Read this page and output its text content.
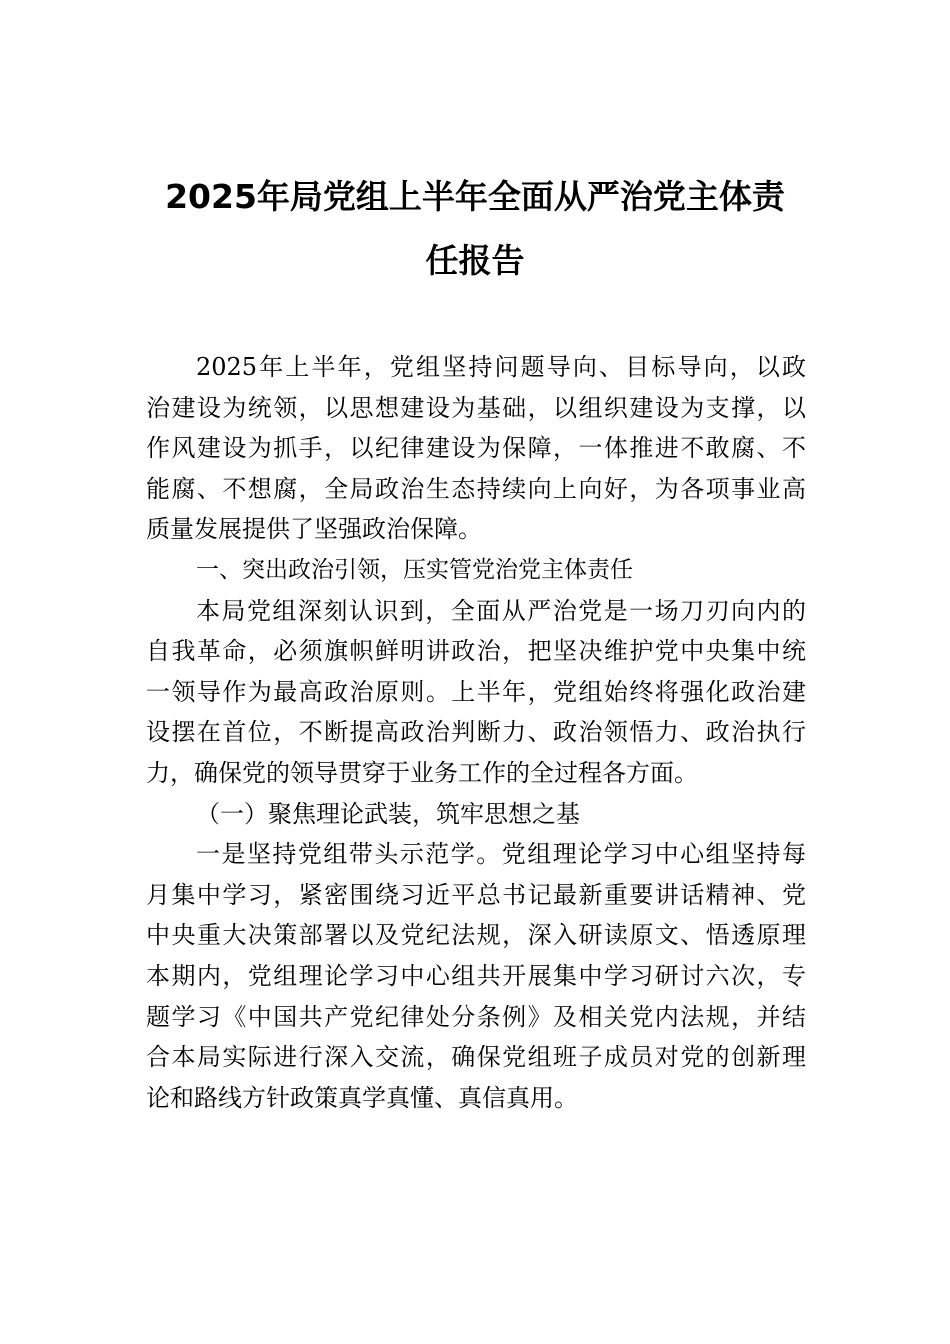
2025年局党组上半年全面从严治党主体责
任报告

2025年上半年，党组坚持问题导向、目标导向，以政
治建设为统领，以思想建设为基础，以组织建设为支撑，以
作风建设为抓手，以纪律建设为保障，一体推进不敢腐、不
能腐、不想腐，全局政治生态持续向上向好，为各项事业高
质量发展提供了坚强政治保障。

一、突出政治引领，压实管党治党主体责任

本局党组深刻认识到，全面从严治党是一场刀刃向内的
自我革命，必须旗帜鲜明讲政治，把坚决维护党中央集中统
一领导作为最高政治原则。上半年，党组始终将强化政治建
设摆在首位，不断提高政治判断力、政治领悟力、政治执行
力，确保党的领导贯穿于业务工作的全过程各方面。

（一）聚焦理论武装，筑牢思想之基

一是坚持党组带头示范学。党组理论学习中心组坚持每
月集中学习，紧密围绕习近平总书记最新重要讲话精神、党
中央重大决策部署以及党纪法规，深入研读原文、悟透原理
本期内，党组理论学习中心组共开展集中学习研讨六次，专
题学习《中国共产党纪律处分条例》及相关党内法规，并结
合本局实际进行深入交流，确保党组班子成员对党的创新理
论和路线方针政策真学真懂、真信真用。
